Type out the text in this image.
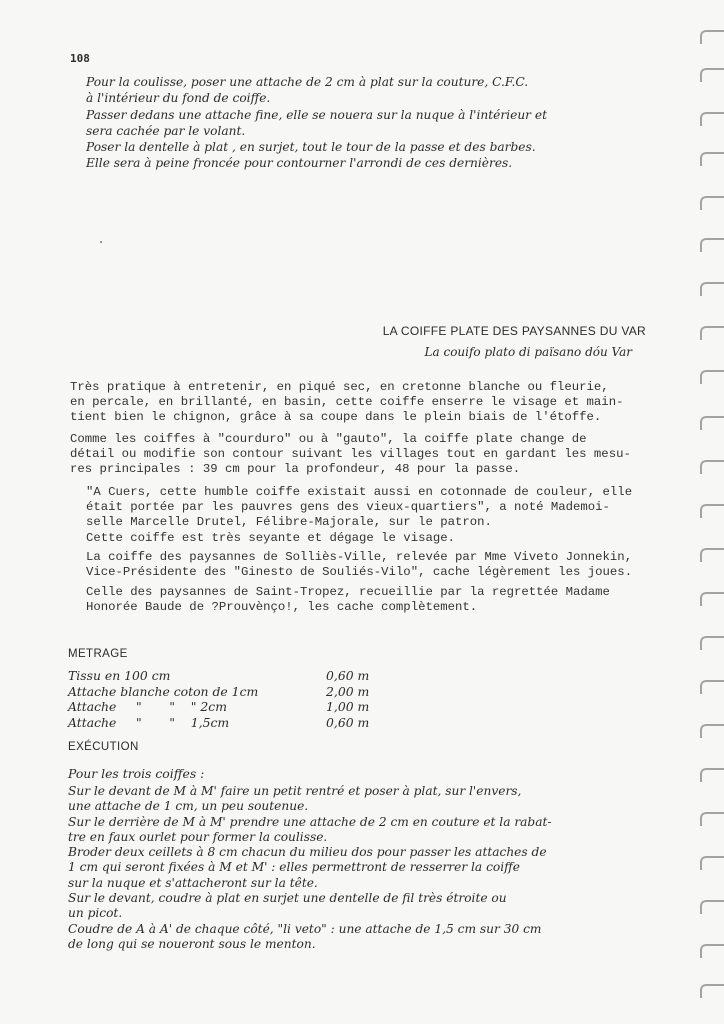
108
Pour la coulisse, poser une attache de 2 cm à plat sur la couture, C.F.C.
à l'intérieur du fond de coiffe.
Passer dedans une attache fine, elle se nouera sur la nuque à l'intérieur et
sera cachée par le volant.
Poser la dentelle à plat , en surjet, tout le tour de la passe et des barbes.
Elle sera à peine froncée pour contourner l'arrondi de ces dernières.
LA COIFFE PLATE DES PAYSANNES DU VAR
La couifo plato di païsano dóu Var
Très pratique à entretenir, en piqué sec, en cretonne blanche ou fleurie,
en percale, en brillanté, en basin, cette coiffe enserre le visage et main-
tient bien le chignon, grâce à sa coupe dans le plein biais de l'étoffe.
Comme les coiffes à "courduro" ou à "gauto", la coiffe plate change de
détail ou modifie son contour suivant les villages tout en gardant les mesu-
res principales : 39 cm pour la profondeur, 48 pour la passe.
"A Cuers, cette humble coiffe existait aussi en cotonnade de couleur, elle
était portée par les pauvres gens des vieux-quartiers", a noté Mademoi-
selle Marcelle Drutel, Félibre-Majorale, sur le patron.
Cette coiffe est très seyante et dégage le visage.
La coiffe des paysannes de Solliès-Ville, relevée par Mme Viveto Jonnekin,
Vice-Présidente des "Ginesto de Souliés-Vilo", cache légèrement les joues.
Celle des paysannes de Saint-Tropez, recueillie par la regrettée Madame
Honorée Baude de ?Prouvènço!, les cache complètement.
METRAGE
Tissu en 100 cm	0,60 m
Attache blanche coton de 1cm	2,00 m
Attache     "       "    " 2cm	1,00 m
Attache     "       "    1,5cm	0,60 m
EXÉCUTION
Pour les trois coiffes :
Sur le devant de M à M' faire un petit rentré et poser à plat, sur l'envers,
une attache de 1 cm, un peu soutenue.
Sur le derrière de M à M' prendre une attache de 2 cm en couture et la rabat-
tre en faux ourlet pour former la coulisse.
Broder deux ceillets à 8 cm chacun du milieu dos pour passer les attaches de
1 cm qui seront fixées à M et M' : elles permettront de resserrer la coiffe
sur la nuque et s'attacheront sur la tête.
Sur le devant, coudre à plat en surjet une dentelle de fil très étroite ou
un picot.
Coudre de A à A' de chaque côté, "li veto" : une attache de 1,5 cm sur 30 cm
de long qui se noueront sous le menton.
